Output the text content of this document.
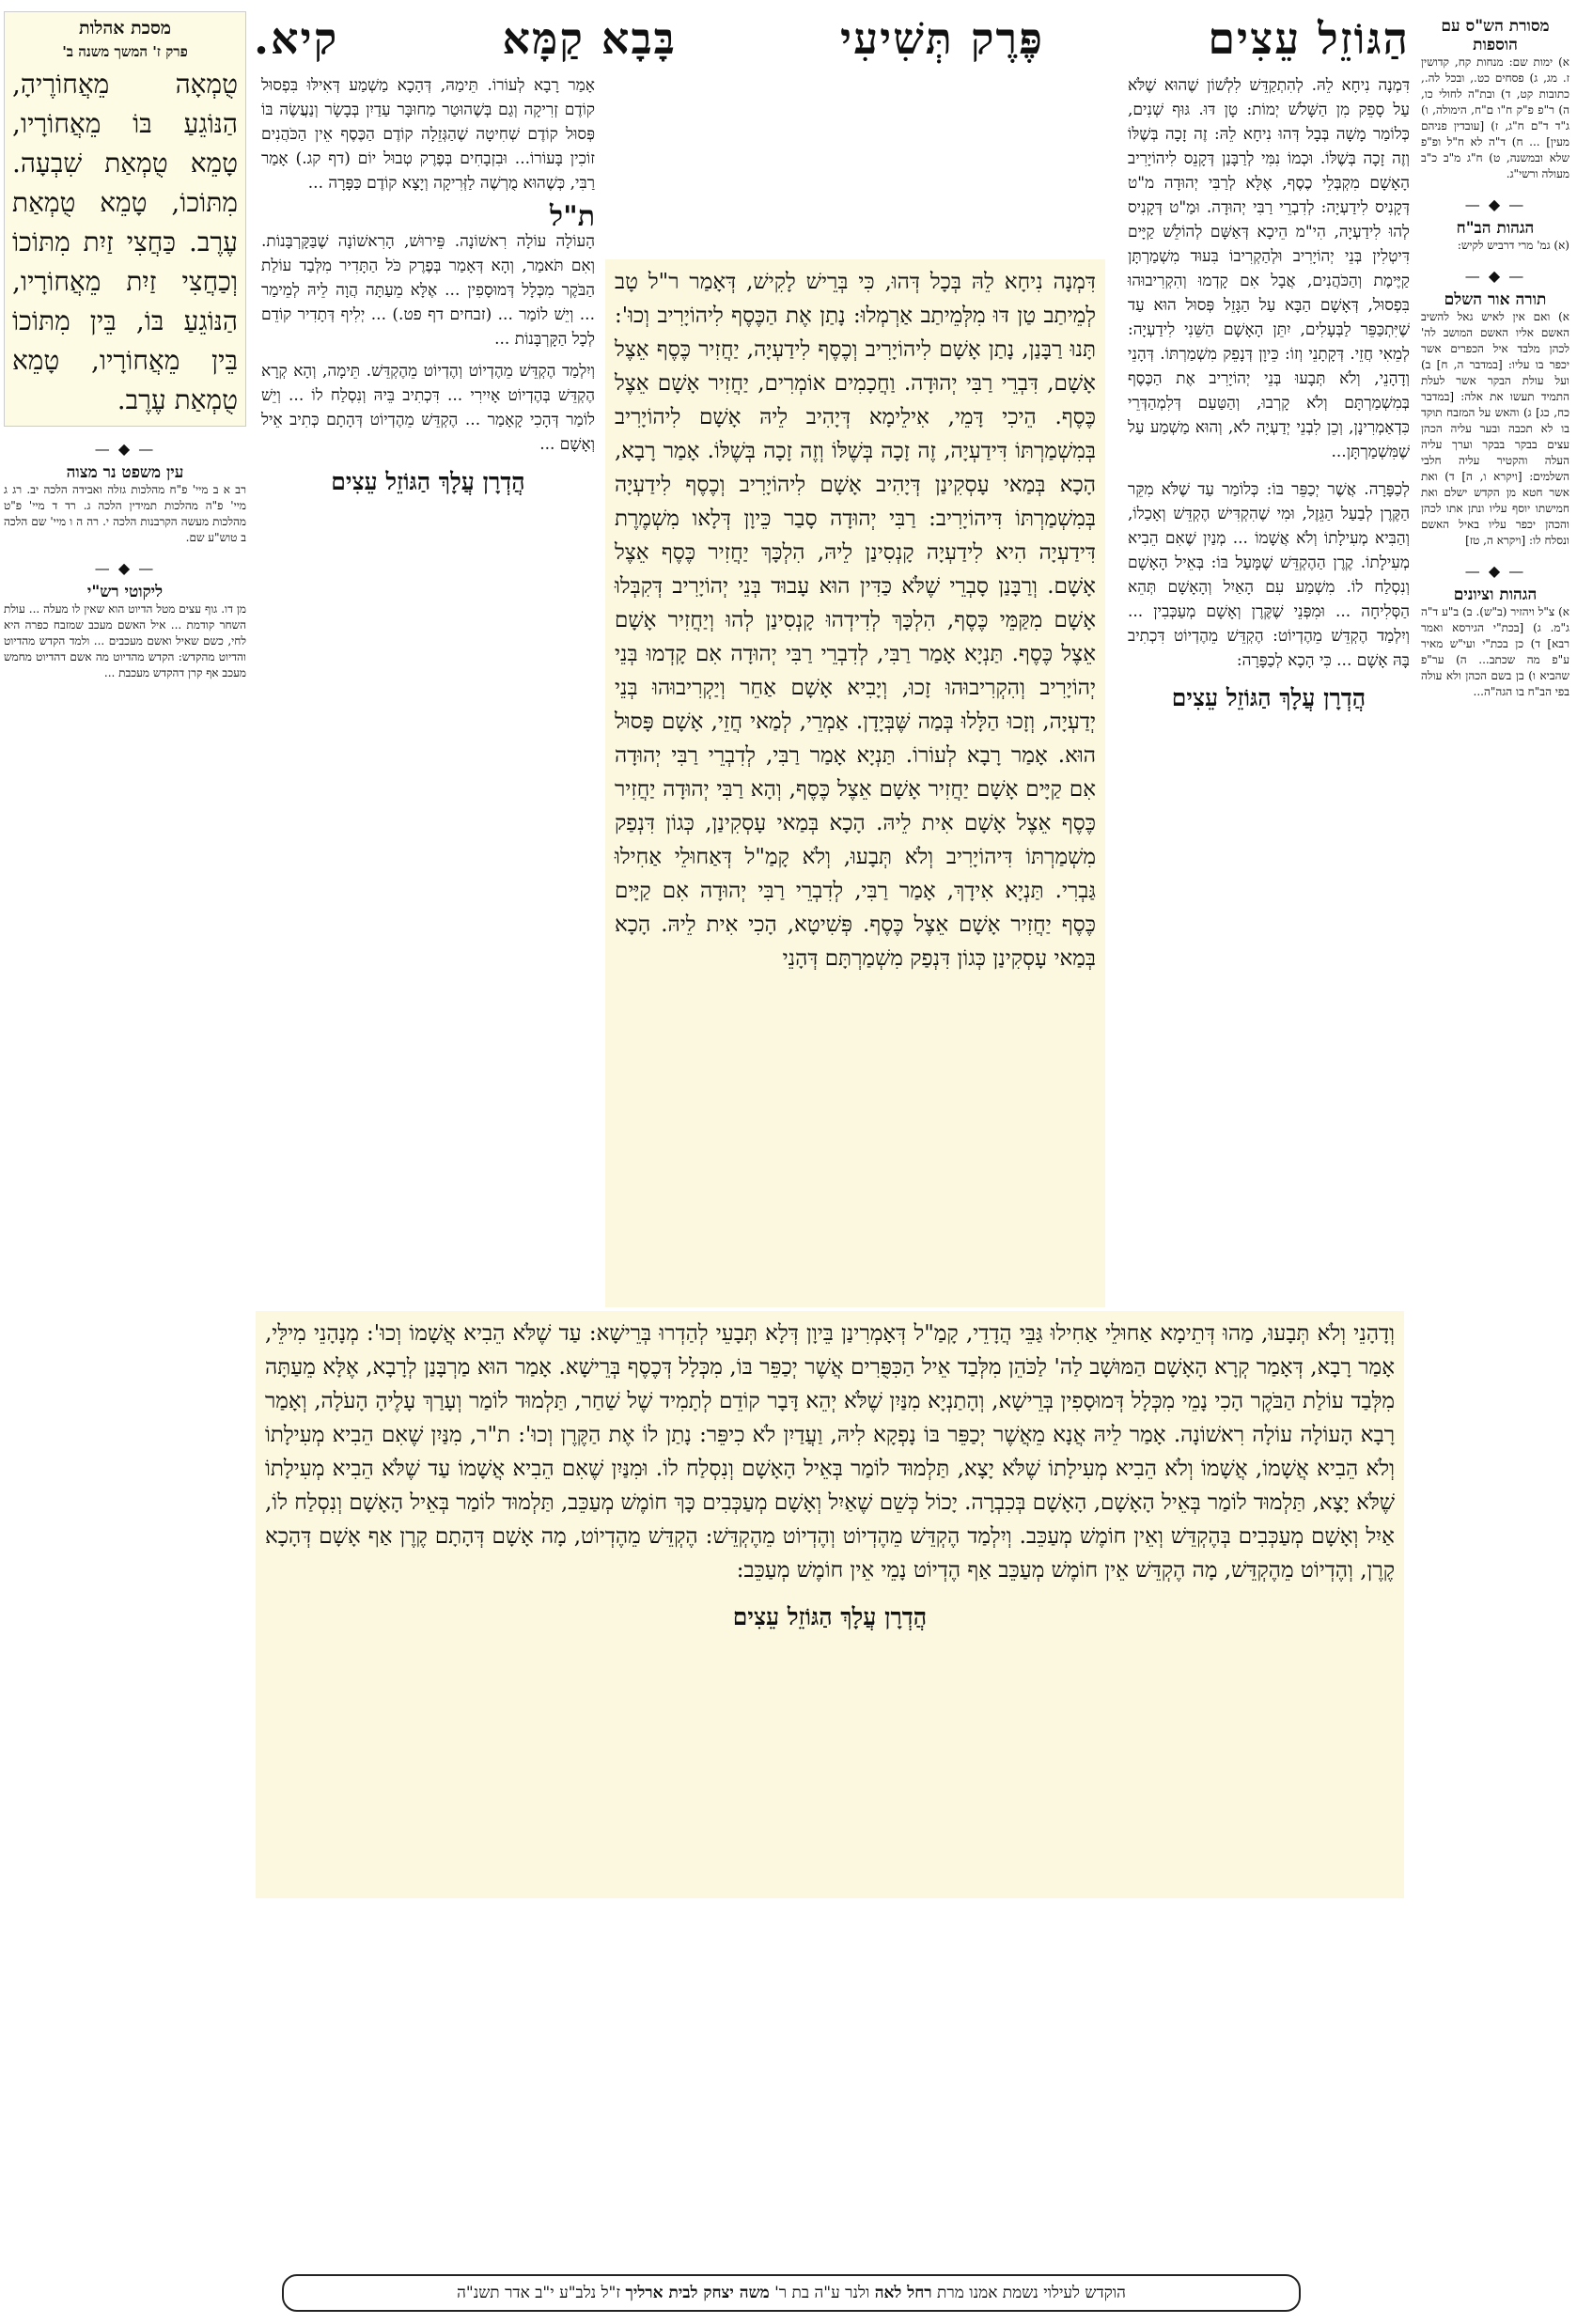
הַגּוֹזֵל עֵצִים
פֶּרֶק תְּשִׁיעִי
בָּבָא קַמָּא
קיא.	מסורת הש"ס עם הוספות
א) ימות שם: מנחות קח, קדושין ז. מג, ג) פסחים כט., ובכל לה., כתובות קט, ד) ובת"ה לחולי כו, ה) ר"פ פ"ק ח"ו ם"ח, הימולה, ו) ג"ד ד"ם ח"ג, ז) [עובדין פניהם מעין] ... ח) ד"ה לא ח"ל ופ"פ שלא ובמשנה, ט) ח"ג מ"ב כ"ב מעולה ורשי"ג.
— ◆ —
הגהות הב"ח
(א) גמ' מרי דרביש לקיש:
— ◆ —
תורה אור השלם
א) ואם אין לאיש גאל להשיב האשם אליו האשם המושב לה' לכהן מלבד איל הכפרים אשר יכפר בו עליו: [במדבר ה, ח] ב) ועל עולת הבקר אשר לעלת התמיד תעשו את אלה: [במדבר כח, כג] ג) והאש על המזבח תוקד בו לא תכבה ובער עליה הכהן עצים בבקר בבקר וערך עליה העלה והקטיר עליה חלבי השלמים: [ויקרא ו, ה] ד) ואת אשר חטא מן הקדש ישלם ואת חמישתו יוסף עליו ונתן אתו לכהן והכהן יכפר עליו באיל האשם ונסלח לו: [ויקרא ה, טז]
— ◆ —
הגהות וציונים
א) צ"ל ויהזיר (ב"ש). ב) ב"ע ד"ה ג"מ. ג) [בכת"י הגירסא ואמר רבא] ד) כן בכת"י ועי"ש מאיר ע"פ מה שכתב... ה) ער"פ שהביא ו) בן בשם הכהן ולא עולה בפי הב"ח בו הגה"ה...
מסכת אהלות
פרק ז' המשך משנה ב'
טֻמְאָה מֵאֲחוֹרֶיהָ, הַנּוֹגֵעַ בּוֹ מֵאֲחוֹרָיו, טָמֵא טֻמְאַת שִׁבְעָה. מִתּוֹכוֹ, טָמֵא טֻמְאַת עֶרֶב. כַּחֲצִי זַיִת מִתּוֹכוֹ וְכַחֲצִי זַיִת מֵאֲחוֹרָיו, הַנּוֹגֵעַ בּוֹ, בֵּין מִתּוֹכוֹ בֵּין מֵאֲחוֹרָיו, טָמֵא טֻמְאַת עֶרֶב.
— ◆ —
עין משפט נר מצוה
רב א ב מיי' פ"ח מהלכות גזלה ואבידה הלכה יב. רג ג מיי' פ"ה מהלכות תמידין הלכה ג. רד ד מיי' פ"ט מהלכות מעשה הקרבנות הלכה י. רה ה ו מיי' שם הלכה ב טוש"ע שם.
— ◆ —
ליקוטי רש"י
מן דו. גוף עצים מטל הדיוט הוא שאין לו מעלה ... עולת השחר קודמת ... איל האשם מעכב שמזבח כפרה היא לחי, כשם שאיל ואשם מעכבים ... ולמד הקדש מהדיוט והדיוט מהקדש: הקדש מהדיוט מה אשם דהדיוט מחמש מעכב אף קרן דהקדש מעכבת ...
דִּמְנָה נִיחָא לֵהּ. לְהִתְקַדֵּשׁ לִלְשׁוֹן שֶׁהוּא שֶׁלֹּא עַל סָפֵק מִן הַשָּׁלֹשׁ יְמוֹת: טָן דּוּ. גּוּף שְׁנִים, כְּלוֹמַר מָשָׁה בְּבָל דְּהוּ נִיחָא לֵהּ: זֶה זָכָה בְּשֶׁלּוֹ וְזֶה זָכָה בְּשֶׁלּוֹ. וּכְמוֹ נִמִּי לְרַבָּנַן דְּקָנֵס לִיהוֹיָרִיב הָאָשָׁם מִקְבְּלֵי כֶסֶף, אֶלָּא לְרַבִּי יְהוּדָה מ"ט דְּקָנִיס לִידַעְיָה: לְדִבְרֵי רַבִּי יְהוּדָה. וּמַ"ט דְּקָנִיס לְהוּ לִידַעְיָה, הִי"מ הֵיכָא דְּאַשָּׁם לְהוֹלֵשׁ קַיָּים דִּיטְלִין בְּנֵי יְהוֹיָרִיב וּלְהַקְרִיבוֹ בִּעוּד מִשְׁמַרְתָּן קַיֶּימֶת וְהַכֹּהֲנִים, אֲבָל אִם קָדְמוּ וְהִקְרִיבוּהוּ בִּפְסוּל, דְּאָשָׁם הַבָּא עַל הַגָּזֵל פְּסוּל הוּא עַד שֶׁיִּתְכַּפֵּר לַבְּעָלִים, יִתֵּן הָאָשָׁם הַשֵּׁנִי לִידַעְיָה: לְמֵאִי חֲזֵי. דְּקָתָנֵי וְזוֹ: כֵּיוָן דְּנָפֵק מִשְׁמַרְתּוֹ. דְּהָנֵי וְדָהָנֵי, וְלֹא תְּבָעוּ בְּנֵי יְהוֹיָרִיב אֶת הַכֶּסֶף בְּמִשְׁמַרְתָּם וְלֹא קָרְבוּ, וְהַטַּעַם דְּלִמְהַדְּרֵי כִּדְאַמְרִינָן, וְכֵן לִבְנֵי יְדַעְיָה לֹא, וְהוּא מַשְׁמַע עַל שֶׁמִּשְׁמַרְתָּן...
לְכַפָּרָה. אֲשֶׁר יְכַפֵּר בּוֹ: כְּלוֹמַר עַד שֶׁלֹּא מִקֵּר הַקֶּרֶן לְבַעַל הַגֵּזֶל, וּמִי שֶׁהִקְדִּישׁ הֶקְדֵּשׁ וְאָכַלוֹ, וְהַבִּיא מְעִילָתוֹ וְלֹא אֲשָׁמוֹ ... מְנַיִן שֶׁאִם הֵבִיא מְעִילָתוֹ. קֶרֶן הַהֶקְדֵּשׁ שֶׁמָּעַל בּוֹ: בְּאֵיל הָאָשָׁם וְנִסְלַח לוֹ. מִשְׁמַע עִם הָאַיִל וְהָאָשָׁם תְּהֵא הַסְּלִיחָה ... וּמִפְּנֵי שֶׁקֶּרֶן וְאָשָׁם מְעַכְּבִין ... וְיִלְמַד הֶקְדֵּשׁ מֵהֶדְיוֹט: הֶקְדֵּשׁ מֵהֶדְיוֹט דִּכְתִיב בָּהּ אָשָׁם ... כִּי הָכָא לְכַפָּרָה:
הֲדְרָן עֲלָךְ הַגּוֹזֵל עֵצִים
אָמַר רָבָא לְעוֹרוֹ. תֵּימַהּ, דְּהָכָא מַשְׁמַע דְּאִילּוּ בִּפְסוּל קוֹדֶם זְרִיקָה וְגַם בְּשֶׁהוּטַר מַחוּבָּר עַדַיִן בְּבָשָׂר וְנַעֲשֶׂה בּוֹ פְּסוּל קוֹדֶם שְׁחִיטָה שֶׁהַגְּזֵלָה קוֹדֶם הַכֶּסֶף אֵין הַכֹּהֲנִים זוֹכִין בָּעוֹרוֹ... וּבִזְבָחִים בְּפֶרֶק טְבוּל יוֹם (דף קג.) אָמַר רַבִּי, כְּשֶׁהוּא מֻרְשֶׁה לַזְּרִיקָה וְיָצָא קוֹדֶם כַּפָּרָה ...
ת"ל
הָעוֹלָה עוֹלָה רִאשׁוֹנָה. פֵּירוּשׁ, הָרִאשׁוֹנָה שֶׁבַּקָּרְבָּנוֹת. וְאִם תֹּאמַר, וְהָא דְּאָמַר בְּפֶרֶק כֹּל הַתָּדִיר מִלְּבַד עוֹלַת הַבֹּקֶר מִכְּלָל דְּמוּסָפִין ... אֶלָּא מֵעַתָּה הֲוָה לֵיהּ לְמֵימַר ... וְיֵשׁ לוֹמַר ... (זבחים דף פט.) ... יְלִיף דְּתָדִיר קוֹדֵם לְכָל הַקָּרְבָּנוֹת ...
וְיִלְמַד הֶקְדֵּשׁ מֵהֶדְיוֹט וְהֶדְיוֹט מֵהֶקְדֵּשׁ. תֵּימָה, וְהָא קְרָא הֶקְדֵּשׁ בְּהֶדְיוֹט אָיִירִי ... דִּכְתִיב בֵּיהּ וְנִסְלַח לוֹ ... וְיֵשׁ לוֹמַר דְּהָכִי קָאָמַר ... הֶקְדֵּשׁ מֵהֶדְיוֹט דְּהָתָם כְּתִיב אֵיל וְאָשָׁם ...
הֲדְרָן עֲלָךְ הַגּוֹזֵל עֵצִים
דִּמְנָה נִיחָא לֵהּ בְּכָל דְּהוּ, כִּי בְּרֵישׁ לָקִישׁ, דְּאָמַר ר"ל טָב לְמֵיתַב טַן דּוּ מִלְּמֵיתַב אַרְמְלוּ: נָתַן אֶת הַכֶּסֶף לִיהוֹיָרִיב וְכוּ': תָּנוּ רַבָּנַן, נָתַן אָשָׁם לִיהוֹיָרִיב וְכֶסֶף לִידַעְיָה, יַחֲזִיר כֶּסֶף אֵצֶל אָשָׁם, דִּבְרֵי רַבִּי יְהוּדָה. וַחֲכָמִים אוֹמְרִים, יַחֲזִיר אָשָׁם אֵצֶל כֶּסֶף. הֵיכִי דָּמֵי, אִילֵימָא דְּיָהִיב לֵיהּ אָשָׁם לִיהוֹיָרִיב בְּמִשְׁמַרְתּוֹ דִּידַעְיָה, זֶה זָכָה בְּשֶׁלּוֹ וְזֶה זָכָה בְּשֶׁלּוֹ. אָמַר רָבָא, הָכָא בְּמַאי עָסְקִינַן דְּיָהִיב אָשָׁם לִיהוֹיָרִיב וְכֶסֶף לִידַעְיָה בְּמִשְׁמַרְתּוֹ דִּיהוֹיָרִיב: רַבִּי יְהוּדָה סָבַר כֵּיוָן דְּלָאו מִשְׁמֶרֶת דִּידַעְיָה הִיא לִידַעְיָה קָנְסִינַן לֵיהּ, הִלְכָּךְ יַחֲזִיר כֶּסֶף אֵצֶל אָשָׁם. וְרַבָּנַן סָבְרֵי שֶׁלֹּא כַּדִּין הוּא עָבוּד בְּנֵי יְהוֹיָרִיב דְּקִבְּלוּ אָשָׁם מִקַּמֵּי כֶּסֶף, הִלְכָּךְ לְדִידְהוּ קָנְסִינַן לְהוּ וְיַחֲזִיר אָשָׁם אֵצֶל כֶּסֶף. תַּנְיָא אָמַר רַבִּי, לְדִבְרֵי רַבִּי יְהוּדָה אִם קָדְמוּ בְּנֵי יְהוֹיָרִיב וְהִקְרִיבוּהוּ זָכוּ, וְיָבִיא אָשָׁם אַחֵר וְיַקְרִיבוּהוּ בְּנֵי יְדַעְיָה, וְזָכוּ הַלָּלוּ בְּמַה שֶּׁבְּיָדָן. אַמְרֵי, לְמַאי חֲזֵי, אָשָׁם פָּסוּל הוּא. אָמַר רָבָא לְעוֹרוֹ. תַּנְיָא אָמַר רַבִּי, לְדִבְרֵי רַבִּי יְהוּדָה אִם קַיָּים אָשָׁם יַחֲזִיר אָשָׁם אֵצֶל כֶּסֶף, וְהָא רַבִּי יְהוּדָה יַחֲזִיר כֶּסֶף אֵצֶל אָשָׁם אִית לֵיהּ. הָכָא בְּמַאי עָסְקִינַן, כְּגוֹן דִּנְפַק מִשְׁמַרְתּוֹ דִּיהוֹיָרִיב וְלֹא תְּבָעוּ, וְלֹא קָמַ"ל דְּאַחוּלֵי אַחִילוּ גַּבְרִי. תַּנְיָא אִידָךְ, אָמַר רַבִּי, לְדִבְרֵי רַבִּי יְהוּדָה אִם קַיָּים כֶּסֶף יַחֲזִיר אָשָׁם אֵצֶל כֶּסֶף. פְּשִׁיטָא, הָכִי אִית לֵיהּ. הָכָא בְּמַאי עָסְקִינַן כְּגוֹן דִּנְפַק מִשְׁמַרְתָּם דְּהָנֵי
וְדָהָנֵי וְלֹא תְּבָעוּ, מַהוּ דְּתֵימָא אַחוּלֵי אַחִילוּ גַּבֵּי הֲדָדֵי, קָמַ"ל דְּאָמְרִינַן בֵּיוָן דְּלָא תְּבָעֵי לְהַדְרוּ בְּרֵישָׁא: עַד שֶׁלֹּא הֵבִיא אֲשָׁמוֹ וְכוּ': מְנָהָנֵי מִילֵּי, אָמַר רָבָא, דְּאָמַר קְרָא הָאָשָׁם הַמּוּשָׁב לַה' לַכֹּהֵן מִלְּבַד אֵיל הַכִּפֻּרִים אֲשֶׁר יְכַפֵּר בּוֹ, מִכְּלָל דְּכֶסֶף בְּרֵישָׁא. אָמַר הוּא מַרְבָּנַן לְרָבָא, אֶלָּא מֵעַתָּה מִלְּבַד עוֹלַת הַבֹּקֶר הָכִי נָמֵי מִכְּלָל דְּמוּסָפִין בְּרֵישָׁא, וְהָתַנְיָא מִנַּיִן שֶׁלֹּא יְהֵא דָּבָר קוֹדֵם לְתָמִיד שֶׁל שַׁחַר, תַּלְמוּד לוֹמַר וְעָרַךְ עָלֶיהָ הָעֹלָה, וְאָמַר רָבָא הָעוֹלָה עוֹלָה רִאשׁוֹנָה. אָמַר לֵיהּ אֲנָא מֵאֲשֶׁר יְכַפֵּר בּוֹ נָפְקָא לִיהּ, וַעֲדַיִן לֹא כִיפֵּר: נָתַן לוֹ אֶת הַקֶּרֶן וְכוּ': ת"ר, מִנַּיִן שֶׁאִם הֵבִיא מְעִילָתוֹ וְלֹא הֵבִיא אֲשָׁמוֹ, אֲשָׁמוֹ וְלֹא הֵבִיא מְעִילָתוֹ שֶׁלֹּא יָצָא, תַּלְמוּד לוֹמַר בְּאֵיל הָאָשָׁם וְנִסְלַח לוֹ. וּמִנַּיִן שֶׁאִם הֵבִיא אֲשָׁמוֹ עַד שֶׁלֹּא הֵבִיא מְעִילָתוֹ שֶׁלֹּא יָצָא, תַּלְמוּד לוֹמַר בְּאֵיל הָאָשָׁם, הָאָשָׁם בְּכִבְרָה. יָכוֹל כְּשֵׁם שֶׁאַיִל וְאָשָׁם מְעַכְּבִים כָּךְ חוֹמֶשׁ מְעַכֵּב, תַּלְמוּד לוֹמַר בְּאֵיל הָאָשָׁם וְנִסְלַח לוֹ, אַיִל וְאָשָׁם מְעַכְּבִים בְּהֶקְדֵּשׁ וְאֵין חוֹמֶשׁ מְעַכֵּב. וְיִלְמַד הֶקְדֵּשׁ מֵהֶדְיוֹט וְהֶדְיוֹט מֵהֶקְדֵּשׁ: הֶקְדֵּשׁ מֵהֶדְיוֹט, מָה אָשָׁם דְּהָתָם קֶרֶן אַף אָשָׁם דְּהָכָא קֶרֶן, וְהֶדְיוֹט מֵהֶקְדֵּשׁ, מָה הֶקְדֵּשׁ אֵין חוֹמֶשׁ מְעַכֵּב אַף הֶדְיוֹט נָמֵי אֵין חוֹמֶשׁ מְעַכֵּב:
הֲדְרָן עֲלָךְ הַגּוֹזֵל עֵצִים
הוקדש לעילוי נשמת אמנו מרת

רחל לאה

ולנר ע"ה בת ר'

משה יצחק לבית ארליך

ז"ל נלב"ע י"ב אדר תשנ"ה
